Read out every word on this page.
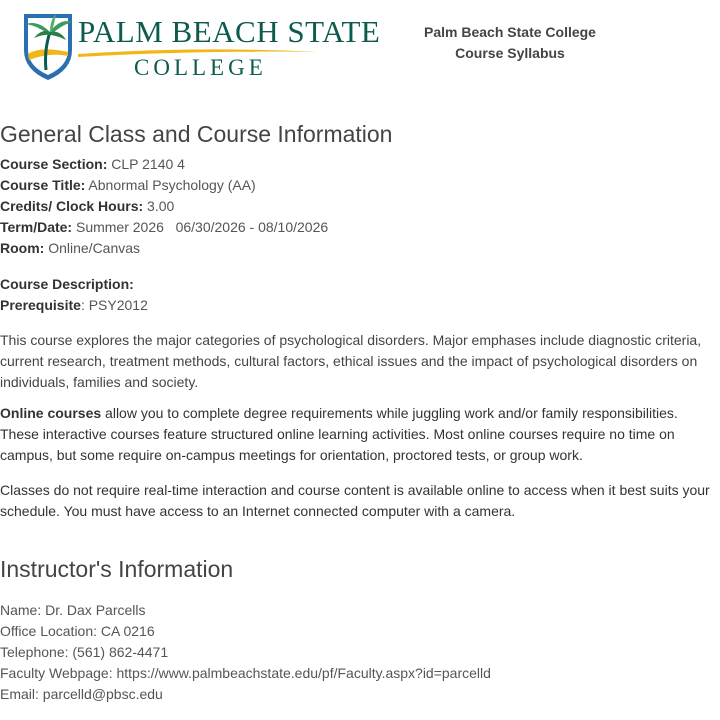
PALM BEACH STATE
COLLEGE
Palm Beach State College
Course Syllabus
General Class and Course Information
Course Section: CLP 2140 4
Course Title: Abnormal Psychology (AA)
Credits/ Clock Hours: 3.00
Term/Date: Summer 2026   06/30/2026 - 08/10/2026
Room: Online/Canvas
Course Description:
Prerequisite: PSY2012

This course explores the major categories of psychological disorders. Major emphases include diagnostic criteria, current research, treatment methods, cultural factors, ethical issues and the impact of psychological disorders on individuals, families and society.

Online courses allow you to complete degree requirements while juggling work and/or family responsibilities. These interactive courses feature structured online learning activities. Most online courses require no time on campus, but some require on-campus meetings for orientation, proctored tests, or group work.

Classes do not require real-time interaction and course content is available online to access when it best suits your schedule. You must have access to an Internet connected computer with a camera.

Instructor's Information
Name: Dr. Dax Parcells
Office Location: CA 0216
Telephone: (561) 862-4471
Faculty Webpage: https://www.palmbeachstate.edu/pf/Faculty.aspx?id=parcelld
Email: parcelld@pbsc.edu
